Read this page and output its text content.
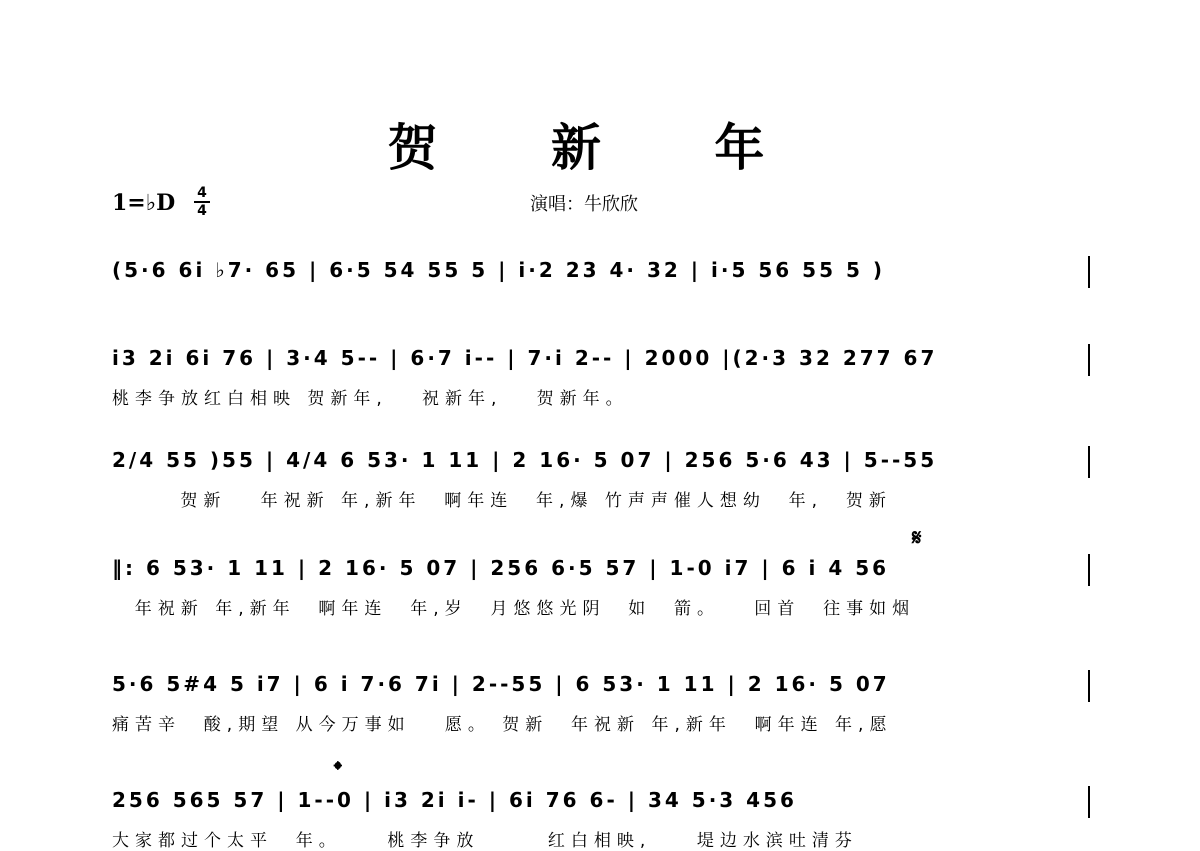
贺 新 年
1=♭D 4
4	演唱：牛欣欣
(5·6 6i ♭7· 65 | 6·5 54 55 5 | i·2 23 4· 32 | i·5 56 55 5 )
i3 2i 6i 76 | 3·4 5-- | 6·7 i-- | 7·i 2-- | 2000 |(2·3 32 277 67
桃李争放红白相映 贺新年,   祝新年,   贺新年。
2/4 55 )55 | 4/4 6 53· 1 11 | 2 16· 5 07 | 256 5·6 43 | 5--55
贺新   年祝新 年,新年  啊年连  年,爆 竹声声催人想幼  年,  贺新
‖: 6 53· 1 11 | 2 16· 5 07 | 256 6·5 57 | 1-0 i7 | 6 i 4 56
年祝新 年,新年  啊年连  年,岁  月悠悠光阴  如  箭。   回首  往事如烟
𝄋
5·6 5#4 5 i7 | 6 i 7·6 7i | 2--55 | 6 53· 1 11 | 2 16· 5 07
痛苦辛  酸,期望 从今万事如   愿。 贺新  年祝新 年,新年  啊年连 年,愿
256 565 57 | 1--0 | i3 2i i- | 6i 76 6- | 34 5·3 456
大家都过个太平  年。    桃李争放      红白相映,    堤边水滨吐清芬
𝄌
